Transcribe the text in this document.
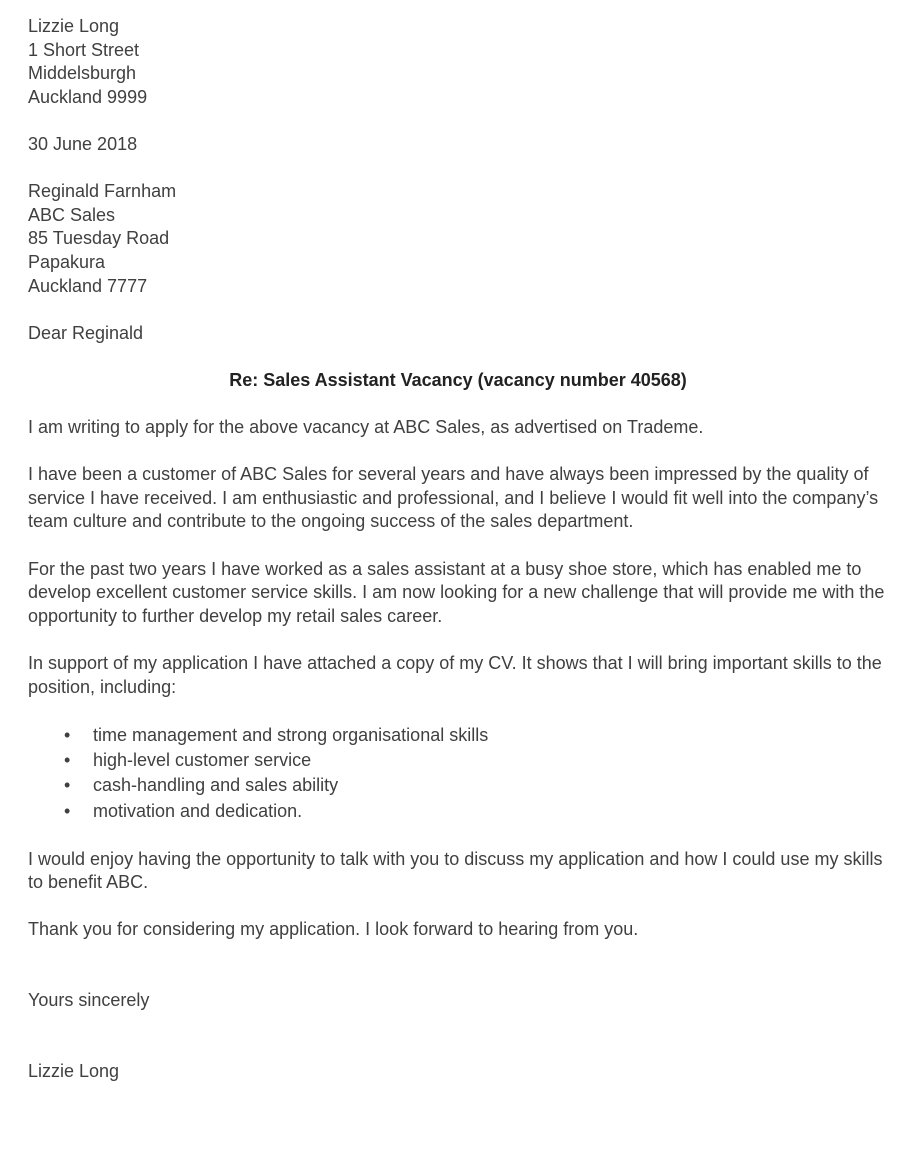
Lizzie Long
1 Short Street
Middelsburgh
Auckland 9999
30 June 2018
Reginald Farnham
ABC Sales
85 Tuesday Road
Papakura
Auckland 7777
Dear Reginald
Re: Sales Assistant Vacancy (vacancy number 40568)

I am writing to apply for the above vacancy at ABC Sales, as advertised on Trademe.

I have been a customer of ABC Sales for several years and have always been impressed by the quality of service I have received. I am enthusiastic and professional, and I believe I would fit well into the company’s team culture and contribute to the ongoing success of the sales department.

For the past two years I have worked as a sales assistant at a busy shoe store, which has enabled me to develop excellent customer service skills. I am now looking for a new challenge that will provide me with the opportunity to further develop my retail sales career.

In support of my application I have attached a copy of my CV. It shows that I will bring important skills to the position, including:

• time management and strong organisational skills
• high-level customer service
• cash-handling and sales ability
• motivation and dedication.

I would enjoy having the opportunity to talk with you to discuss my application and how I could use my skills to benefit ABC.

Thank you for considering my application. I look forward to hearing from you.

Yours sincerely
Lizzie Long
